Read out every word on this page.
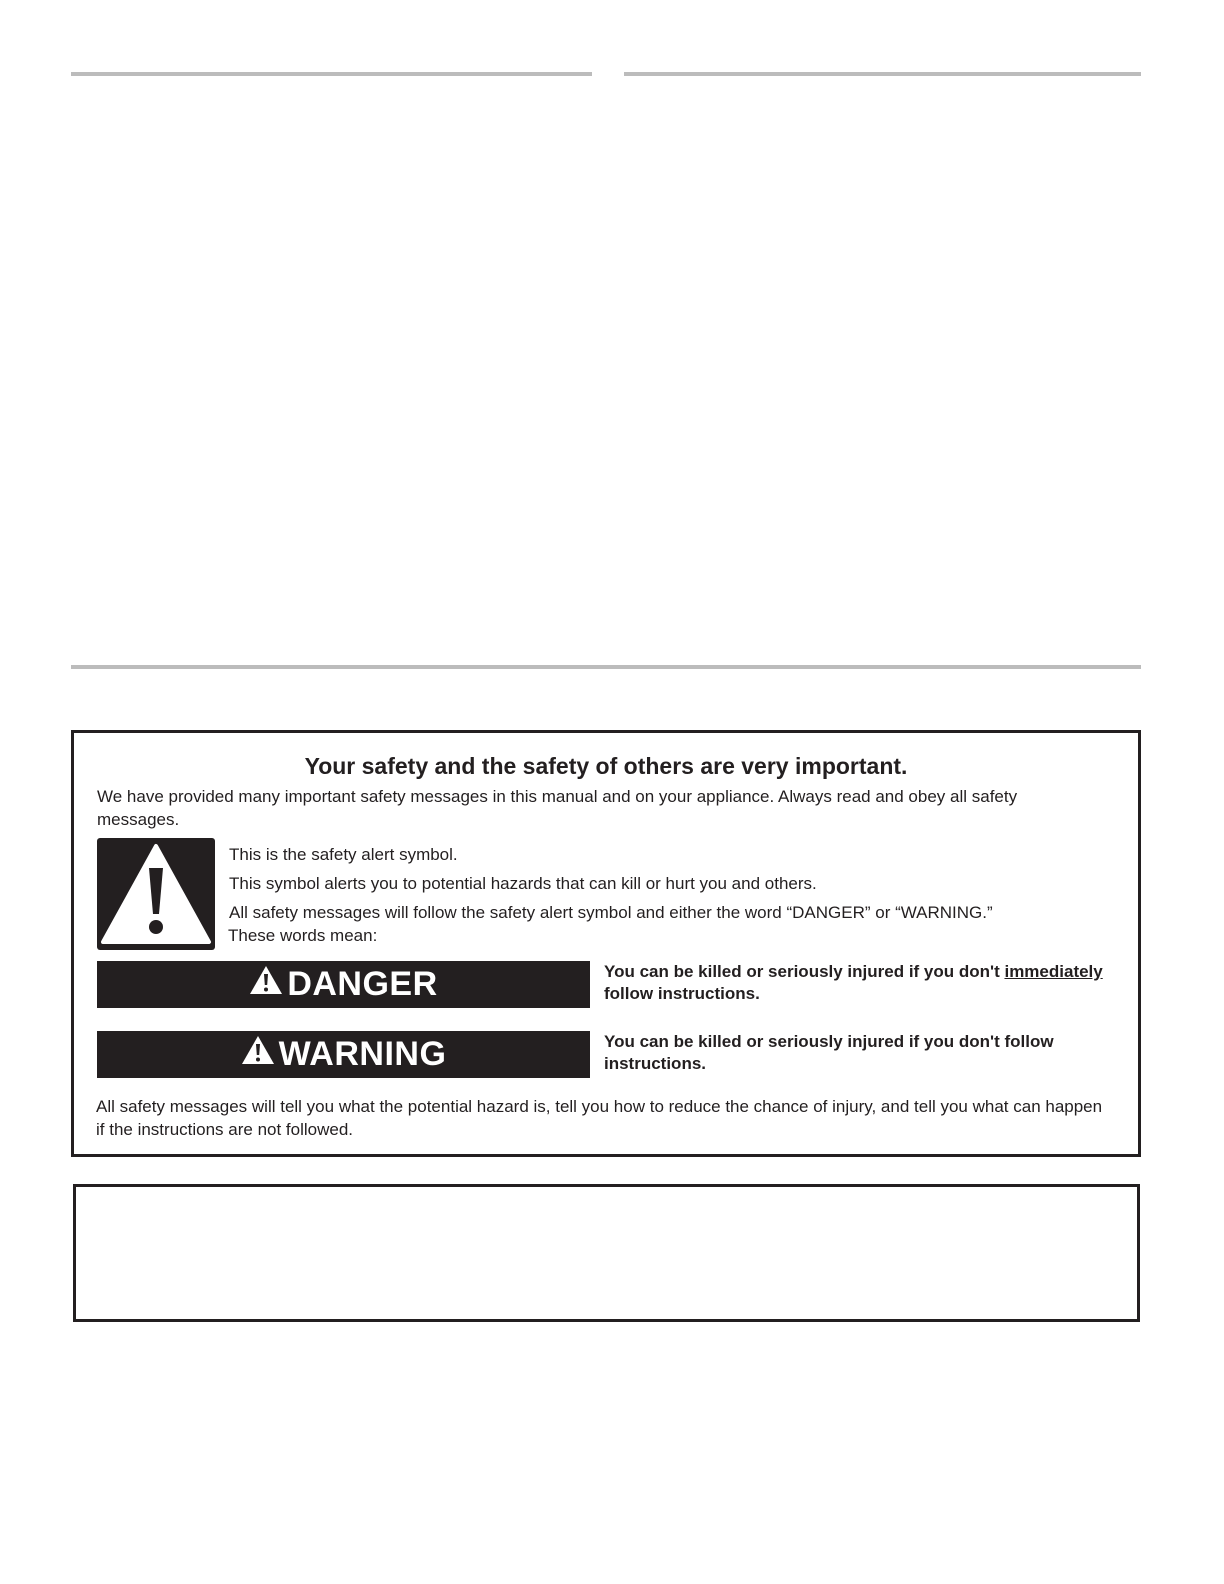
Your safety and the safety of others are very important.

We have provided many important safety messages in this manual and on your appliance. Always read and obey all safety messages.

This is the safety alert symbol.
This symbol alerts you to potential hazards that can kill or hurt you and others.
All safety messages will follow the safety alert symbol and either the word “DANGER” or “WARNING.”
These words mean:
DANGER	You can be killed or seriously injured if you don't immediately follow instructions.

WARNING	You can be killed or seriously injured if you don't follow instructions.

All safety messages will tell you what the potential hazard is, tell you how to reduce the chance of injury, and tell you what can happen if the instructions are not followed.
